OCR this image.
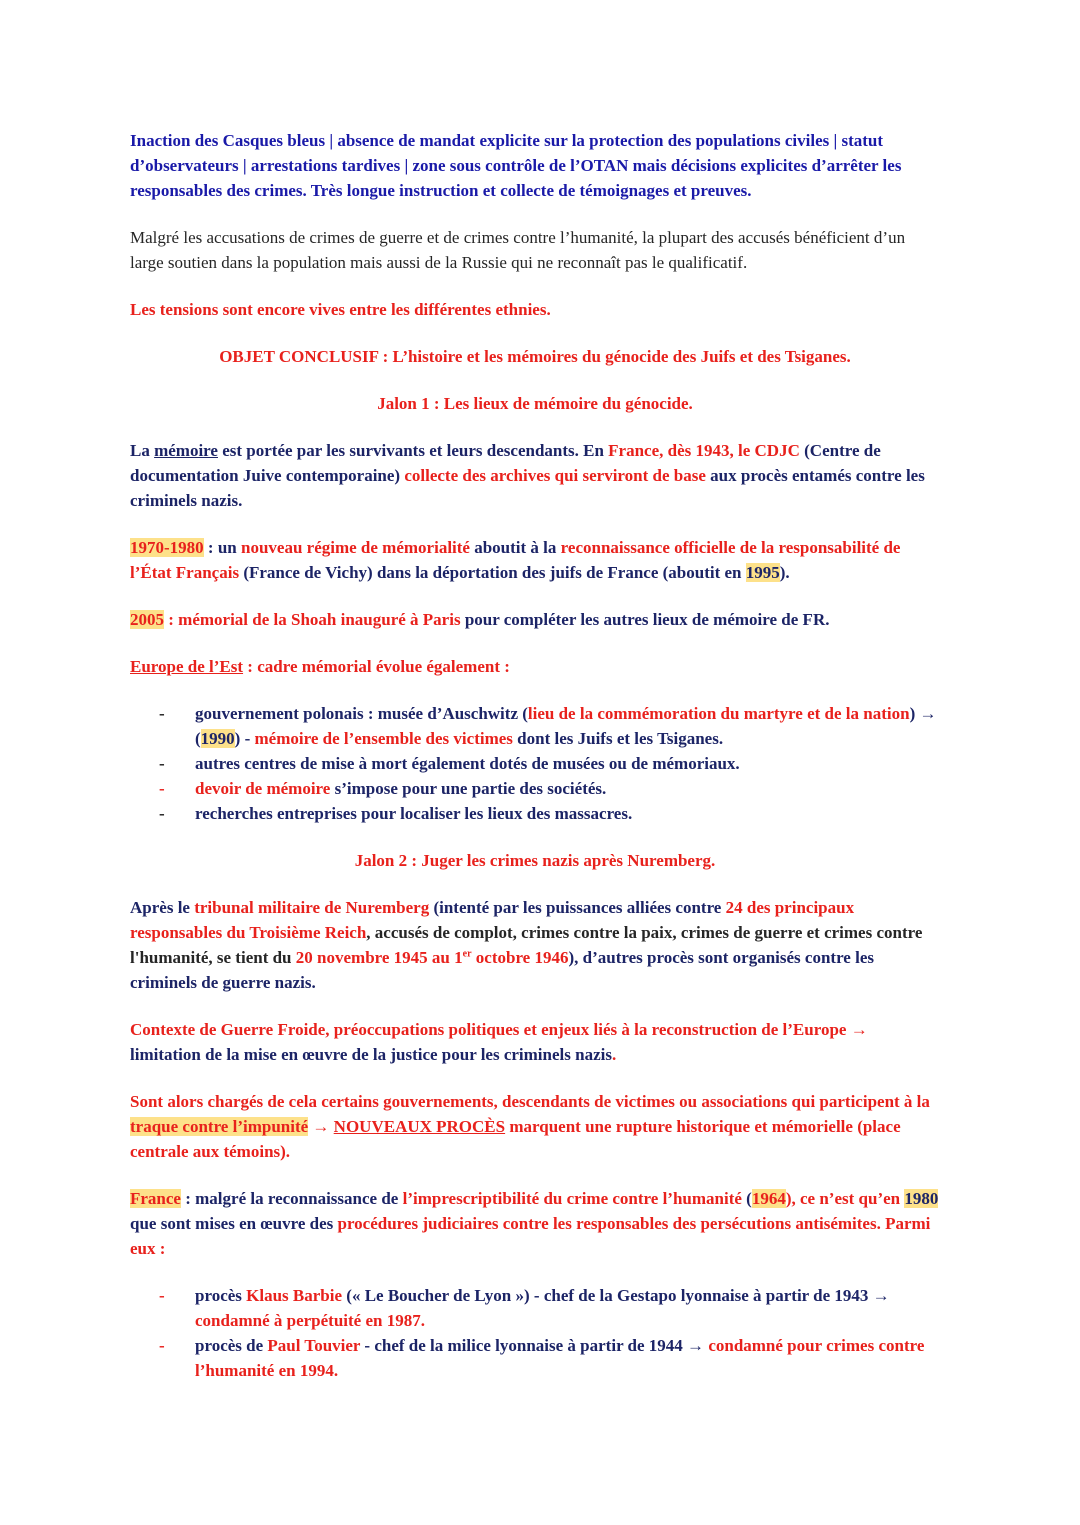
Inaction des Casques bleus | absence de mandat explicite sur la protection des populations civiles | statut d’observateurs | arrestations tardives | zone sous contrôle de l’OTAN mais décisions explicites d’arrêter les responsables des crimes. Très longue instruction et collecte de témoignages et preuves.

Malgré les accusations de crimes de guerre et de crimes contre l’humanité, la plupart des accusés bénéficient d’un large soutien dans la population mais aussi de la Russie qui ne reconnaît pas le qualificatif.

Les tensions sont encore vives entre les différentes ethnies.

OBJET CONCLUSIF : L’histoire et les mémoires du génocide des Juifs et des Tsiganes.

Jalon 1 : Les lieux de mémoire du génocide.

La mémoire est portée par les survivants et leurs descendants. En France, dès 1943, le CDJC (Centre de documentation Juive contemporaine) collecte des archives qui serviront de base aux procès entamés contre les criminels nazis.

1970-1980 : un nouveau régime de mémorialité aboutit à la reconnaissance officielle de la responsabilité de l’État Français (France de Vichy) dans la déportation des juifs de France (aboutit en 1995).

2005 : mémorial de la Shoah inauguré à Paris pour compléter les autres lieux de mémoire de FR.

Europe de l’Est : cadre mémorial évolue également :

- gouvernement polonais : musée d’Auschwitz (lieu de la commémoration du martyre et de la nation) → (1990) - mémoire de l’ensemble des victimes dont les Juifs et les Tsiganes.
- autres centres de mise à mort également dotés de musées ou de mémoriaux.
- devoir de mémoire s’impose pour une partie des sociétés.
- recherches entreprises pour localiser les lieux des massacres.

Jalon 2 : Juger les crimes nazis après Nuremberg.

Après le tribunal militaire de Nuremberg (intenté par les puissances alliées contre 24 des principaux responsables du Troisième Reich, accusés de complot, crimes contre la paix, crimes de guerre et crimes contre l'humanité, se tient du 20 novembre 1945 au 1er octobre 1946), d’autres procès sont organisés contre les criminels de guerre nazis.

Contexte de Guerre Froide, préoccupations politiques et enjeux liés à la reconstruction de l’Europe → limitation de la mise en œuvre de la justice pour les criminels nazis.

Sont alors chargés de cela certains gouvernements, descendants de victimes ou associations qui participent à la traque contre l’impunité → NOUVEAUX PROCÈS marquent une rupture historique et mémorielle (place centrale aux témoins).

France : malgré la reconnaissance de l’imprescriptibilité du crime contre l’humanité (1964), ce n’est qu’en 1980 que sont mises en œuvre des procédures judiciaires contre les responsables des persécutions antisémites. Parmi eux :

- procès Klaus Barbie (« Le Boucher de Lyon ») - chef de la Gestapo lyonnaise à partir de 1943 → condamné à perpétuité en 1987.
- procès de Paul Touvier - chef de la milice lyonnaise à partir de 1944 → condamné pour crimes contre l’humanité en 1994.
